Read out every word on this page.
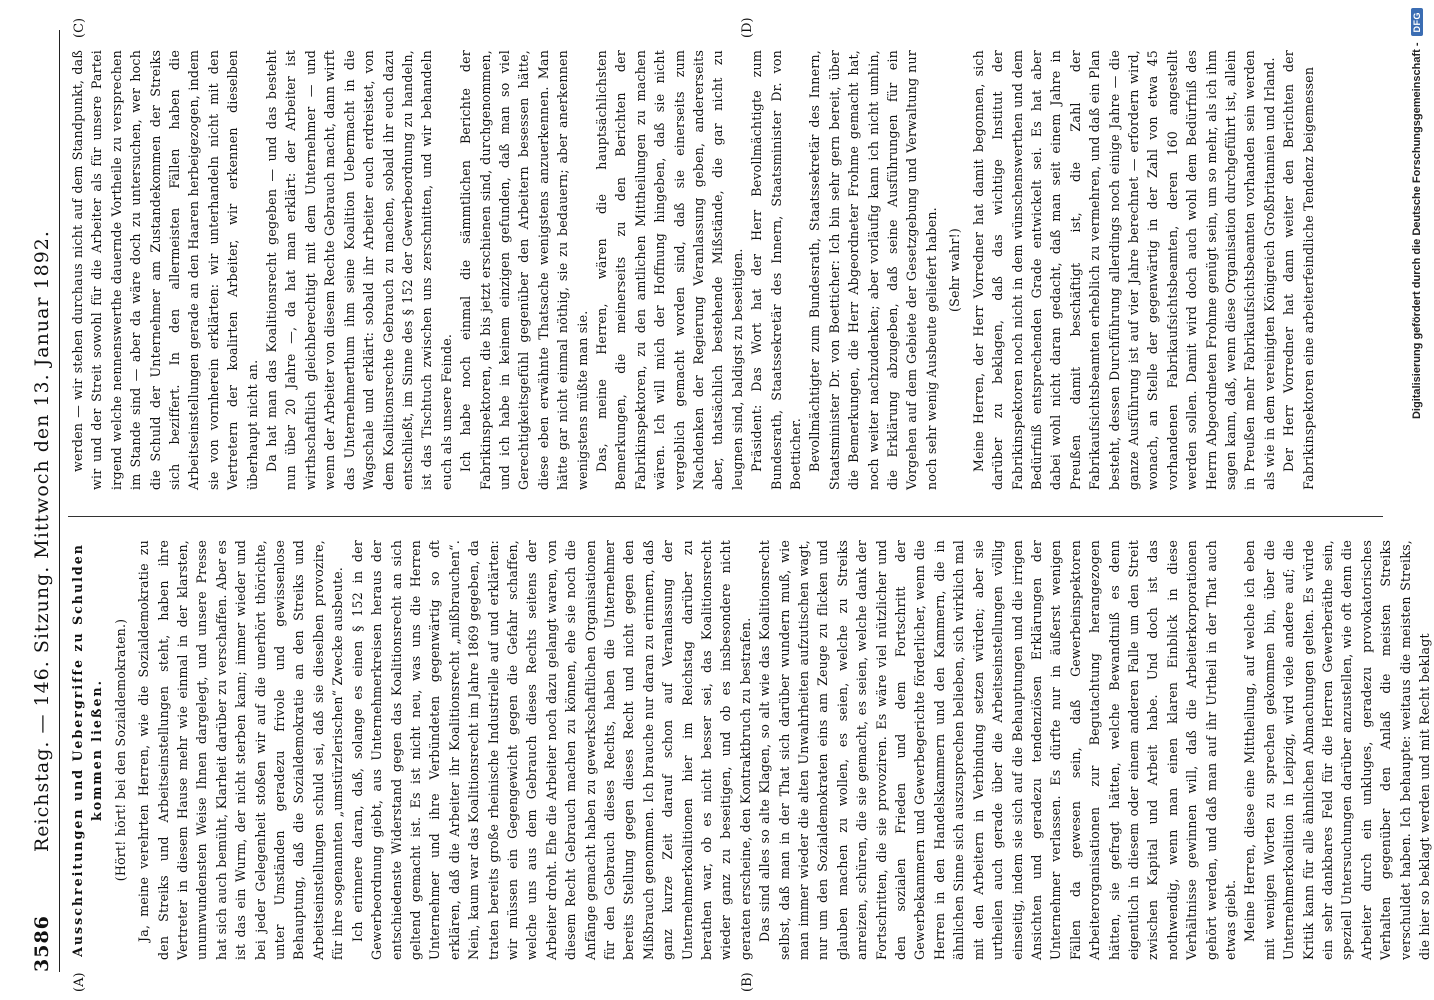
3586
Reichstag. — 146. Sitzung. Mittwoch den 13. Januar 1892.
(A)	(B)
(C)	(D)

Ausschreitungen und Uebergriffe zu Schulden kommen ließen. (Hört! hört! bei den Sozialdemokraten.) Ja, meine verehrten Herren, wie die Sozialdemokratie zu den Streiks und Arbeitseinstellungen steht, haben ihre Vertreter in diesem Hause mehr wie einmal in der klarsten, unumwundensten Weise Ihnen dargelegt, und unsere Presse hat sich auch bemüht, Klarheit darüber zu verschaffen. Aber es ist das ein Wurm, der nicht sterben kann; immer wieder und bei jeder Gelegenheit stoßen wir auf die unerhört thörichte, unter Umständen geradezu frivole und gewissenlose Behauptung, daß die Sozialdemokratie an den Streiks und Arbeitseinstellungen schuld sei, daß sie dieselben provozire, für ihre sogenannten „umstürzlerischen“ Zwecke ausbeute. Ich erinnere daran, daß, solange es einen § 152 in der Gewerbeordnung giebt, aus Unternehmerkreisen heraus der entschiedenste Widerstand gegen das Koalitionsrecht an sich geltend gemacht ist. Es ist nicht neu, was uns die Herren Unternehmer und ihre Verbündeten gegenwärtig so oft erklären, daß die Arbeiter ihr Koalitionsrecht „mißbrauchen“. Nein, kaum war das Koalitionsrecht im Jahre 1869 gegeben, da traten bereits große rheinische Industrielle auf und erklärten: wir müssen ein Gegengewicht gegen die Gefahr schaffen, welche uns aus dem Gebrauch dieses Rechts seitens der Arbeiter droht. Ehe die Arbeiter noch dazu gelangt waren, von diesem Recht Gebrauch machen zu können, ehe sie noch die Anfänge gemacht haben zu gewerkschaftlichen Organisationen für den Gebrauch dieses Rechts, haben die Unternehmer bereits Stellung gegen dieses Recht und nicht gegen den Mißbrauch genommen. Ich brauche nur daran zu erinnern, daß ganz kurze Zeit darauf schon auf Veranlassung der Unternehmerkoalitionen hier im Reichstag darüber zu berathen war, ob es nicht besser sei, das Koalitionsrecht wieder ganz zu beseitigen, und ob es insbesondere nicht geraten erscheine, den Kontraktbruch zu bestrafen. Das sind alles so alte Klagen, so alt wie das Koalitionsrecht selbst, daß man in der That sich darüber wundern muß, wie man immer wieder die alten Unwahrheiten aufzutischen wagt, nur um den Sozialdemokraten eins am Zeuge zu flicken und glauben machen zu wollen, es seien, welche zu Streiks anreizen, schüren, die sie gemacht, es seien, welche dank der Fortschritten, die sie provoziren. Es wäre viel nützlicher und den sozialen Frieden und dem Fortschritt der Gewerbekammern und Gewerbegerichte förderlicher, wenn die Herren in den Handelskammern und den Kammern, die in ähnlichen Sinne sich auszusprechen belieben, sich wirklich mal mit den Arbeitern in Verbindung setzen würden; aber sie urtheilen auch gerade über die Arbeitseinstellungen völlig einseitig, indem sie sich auf die Behauptungen und die irrigen Ansichten und geradezu tendenziösen Erklärungen der Unternehmer verlassen. Es dürfte nur in äußerst wenigen Fällen da gewesen sein, daß Gewerbeinspektoren Arbeiterorganisationen zur Begutachtung herangezogen hätten, sie gefragt hätten, welche Bewandtniß es denn eigentlich in diesem oder einem anderen Falle um den Streit zwischen Kapital und Arbeit habe. Und doch ist das nothwendig, wenn man einen klaren Einblick in diese Verhältnisse gewinnen will, daß die Arbeiterkorporationen gehört werden, und daß man auf ihr Urtheil in der That auch etwas giebt. Meine Herren, diese eine Mittheilung, auf welche ich eben mit wenigen Worten zu sprechen gekommen bin, über die Unternehmerkoalition in Leipzig, wird viele andere auf; die Kritik kann für alle ähnlichen Abmachungen gelten. Es würde ein sehr dankbares Feld für die Herren Gewerberäthe sein, speziell Untersuchungen darüber anzustellen, wie oft denn die Arbeiter durch ein unkluges, geradezu provokatorisches Verhalten gegenüber den Anlaß die meisten Streiks verschuldet haben. Ich behaupte: weitaus die meisten Streiks, die hier so beklagt werden und mit Recht beklagt

werden — wir stehen durchaus nicht auf dem Standpunkt, daß wir und der Streit sowohl für die Arbeiter als für unsere Partei irgend welche nennenswerthe dauernde Vortheile zu versprechen im Stande sind — aber da wäre doch zu untersuchen, wer hoch die Schuld der Unternehmer am Zustandekommen der Streiks sich beziffert. In den allermeisten Fällen haben die Arbeitseinstellungen gerade an den Haaren herbeigezogen, indem sie von vornherein erklärten: wir unterhandeln nicht mit den Vertretern der koalirten Arbeiter, wir erkennen dieselben überhaupt nicht an. Da hat man das Koalitionsrecht gegeben — und das besteht nun über 20 Jahre —, da hat man erklärt: der Arbeiter ist wirthschaftlich gleichberechtigt mit dem Unternehmer — und wenn der Arbeiter von diesem Rechte Gebrauch macht, dann wirft das Unternehmerthum ihm seine Koalition Uebermacht in die Wagschale und erklärt: sobald ihr Arbeiter euch erdreistet, von dem Koalitionsrechte Gebrauch zu machen, sobald ihr euch dazu entschließt, im Sinne des § 152 der Gewerbeordnung zu handeln, ist das Tischtuch zwischen uns zerschnitten, und wir behandeln euch als unsere Feinde. Ich habe noch einmal die sämmtlichen Berichte der Fabrikinspektoren, die bis jetzt erschienen sind, durchgenommen, und ich habe in keinem einzigen gefunden, daß man so viel Gerechtigkeitsgefühl gegenüber den Arbeitern besessen hätte, diese eben erwähnte Thatsache wenigstens anzuerkennen. Man hätte gar nicht einmal nöthig, sie zu bedauern; aber anerkennen wenigstens müßte man sie. Das, meine Herren, wären die hauptsächlichsten Bemerkungen, die meinerseits zu den Berichten der Fabrikinspektoren, zu den amtlichen Mittheilungen zu machen wären. Ich will mich der Hoffnung hingeben, daß sie nicht vergeblich gemacht worden sind, daß sie einerseits zum Nachdenken der Regierung Veranlassung geben, andererseits aber, thatsächlich bestehende Mißstände, die gar nicht zu leugnen sind, baldigst zu beseitigen. Präsident: Das Wort hat der Herr Bevollmächtigte zum Bundesrath, Staatssekretär des Innern, Staatsminister Dr. von Boetticher. Bevollmächtigter zum Bundesrath, Staatssekretär des Innern, Staatsminister Dr. von Boetticher: Ich bin sehr gern bereit, über die Bemerkungen, die Herr Abgeordneter Frohme gemacht hat, noch weiter nachzudenken; aber vorläufig kann ich nicht umhin, die Erklärung abzugeben, daß seine Ausführungen für ein Vorgehen auf dem Gebiete der Gesetzgebung und Verwaltung nur noch sehr wenig Ausbeute geliefert haben. (Sehr wahr!) Meine Herren, der Herr Vorredner hat damit begonnen, sich darüber zu beklagen, daß das wichtige Institut der Fabrikinspektoren noch nicht in dem wünschenswerthen und dem Bedürfniß entsprechenden Grade entwickelt sei. Es hat aber dabei wohl nicht daran gedacht, daß man seit einem Jahre in Preußen damit beschäftigt ist, die Zahl der Fabrikaufsichtsbeamten erheblich zu vermehren, und daß ein Plan besteht, dessen Durchführung allerdings noch einige Jahre — die ganze Ausführung ist auf vier Jahre berechnet — erfordern wird, wonach, an Stelle der gegenwärtig in der Zahl von etwa 45 vorhandenen Fabrikaufsichtsbeamten, deren 160 angestellt werden sollen. Damit wird doch auch wohl dem Bedürfniß des Herrn Abgeordneten Frohme genügt sein, um so mehr, als ich ihm sagen kann, daß, wenn diese Organisation durchgeführt ist, allein in Preußen mehr Fabrikaufsichtsbeamten vorhanden sein werden als wie in dem vereinigten Königreich Großbritannien und Irland. Der Herr Vorredner hat dann weiter den Berichten der Fabrikinspektoren eine arbeiterfeindliche Tendenz beigemessen	Digitalisierung gefördert durch die Deutsche Forschungsgemeinschaft -
DFG
